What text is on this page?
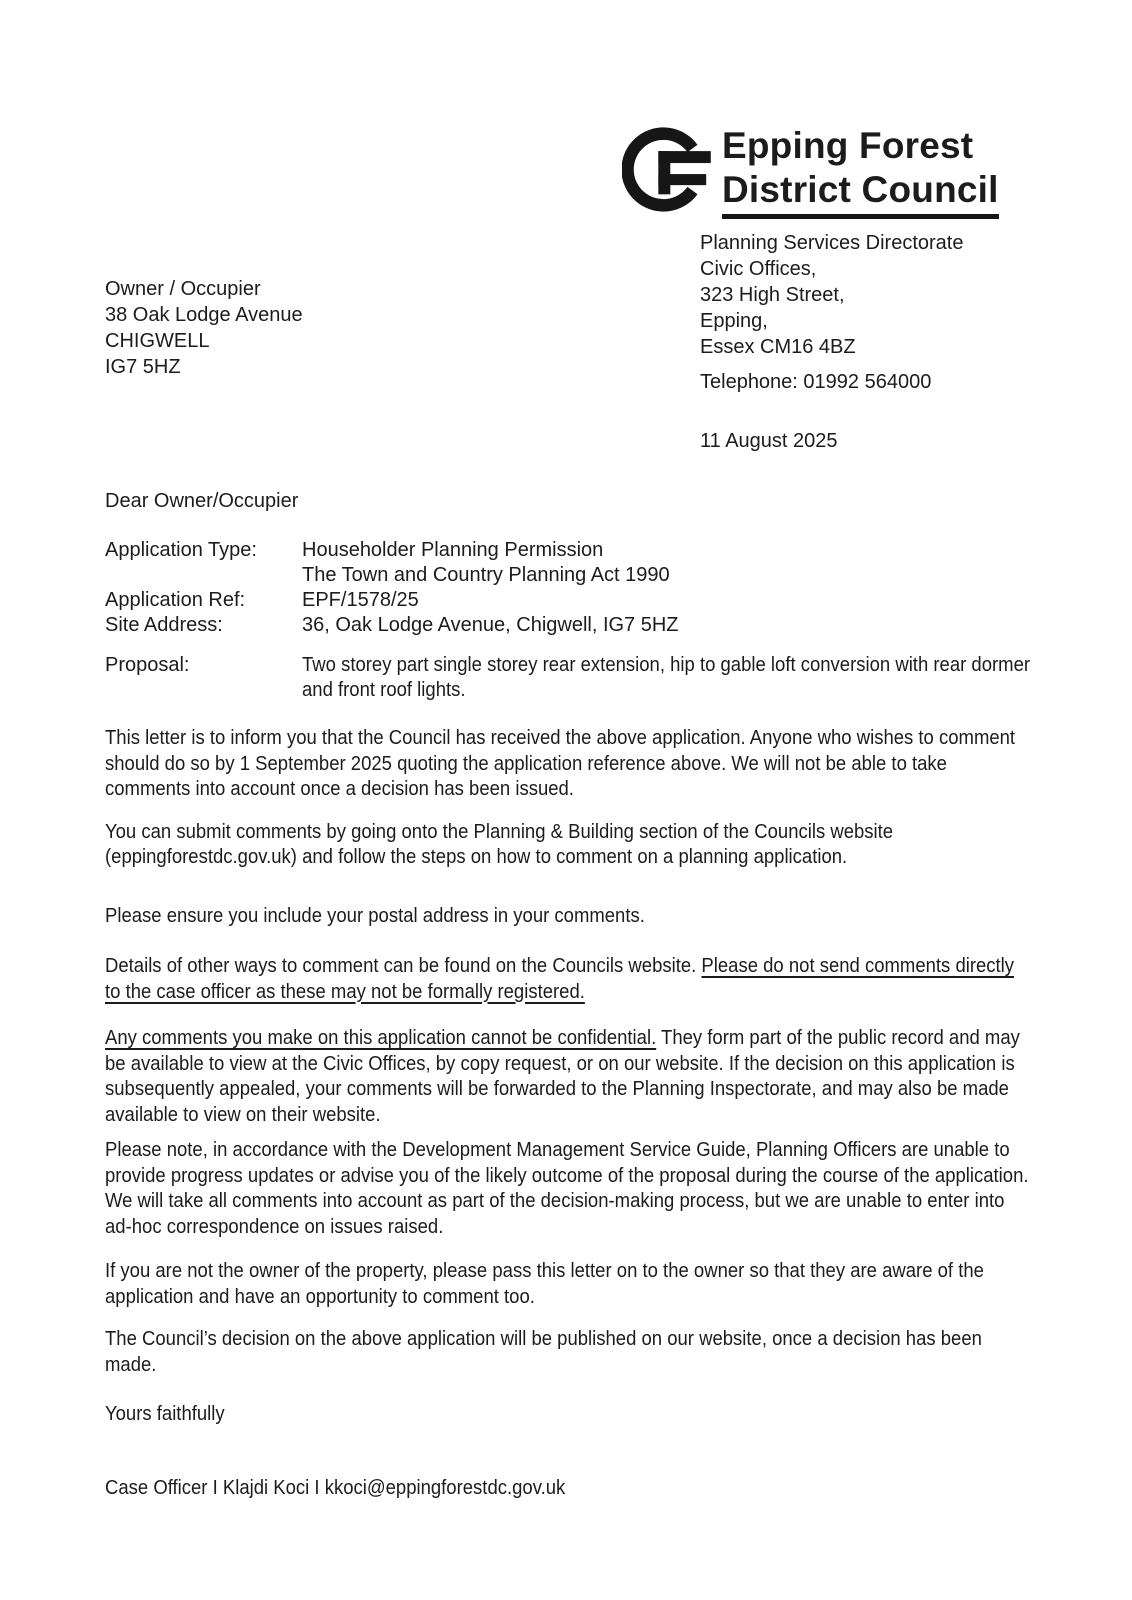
Epping Forest
District Council
Planning Services Directorate
Civic Offices,
323 High Street,
Epping,
Essex CM16 4BZ
Telephone: 01992 564000
11 August 2025
Owner / Occupier
38 Oak Lodge Avenue
CHIGWELL
IG7 5HZ
Dear Owner/Occupier
Application Type:	Householder Planning Permission
The Town and Country Planning Act 1990
Application Ref:	EPF/1578/25
Site Address:	36, Oak Lodge Avenue, Chigwell, IG7 5HZ
Proposal:	Two storey part single storey rear extension, hip to gable loft conversion with rear dormer and front roof lights.

This letter is to inform you that the Council has received the above application. Anyone who wishes to comment should do so by 1 September 2025 quoting the application reference above. We will not be able to take comments into account once a decision has been issued.

You can submit comments by going onto the Planning & Building section of the Councils website (eppingforestdc.gov.uk) and follow the steps on how to comment on a planning application.

Please ensure you include your postal address in your comments.

Details of other ways to comment can be found on the Councils website. Please do not send comments directly to the case officer as these may not be formally registered.

Any comments you make on this application cannot be confidential. They form part of the public record and may be available to view at the Civic Offices, by copy request, or on our website. If the decision on this application is subsequently appealed, your comments will be forwarded to the Planning Inspectorate, and may also be made available to view on their website.

Please note, in accordance with the Development Management Service Guide, Planning Officers are unable to provide progress updates or advise you of the likely outcome of the proposal during the course of the application. We will take all comments into account as part of the decision-making process, but we are unable to enter into ad-hoc correspondence on issues raised.

If you are not the owner of the property, please pass this letter on to the owner so that they are aware of the application and have an opportunity to comment too.

The Council’s decision on the above application will be published on our website, once a decision has been made.

Yours faithfully

Case Officer I Klajdi Koci I kkoci@eppingforestdc.gov.uk
